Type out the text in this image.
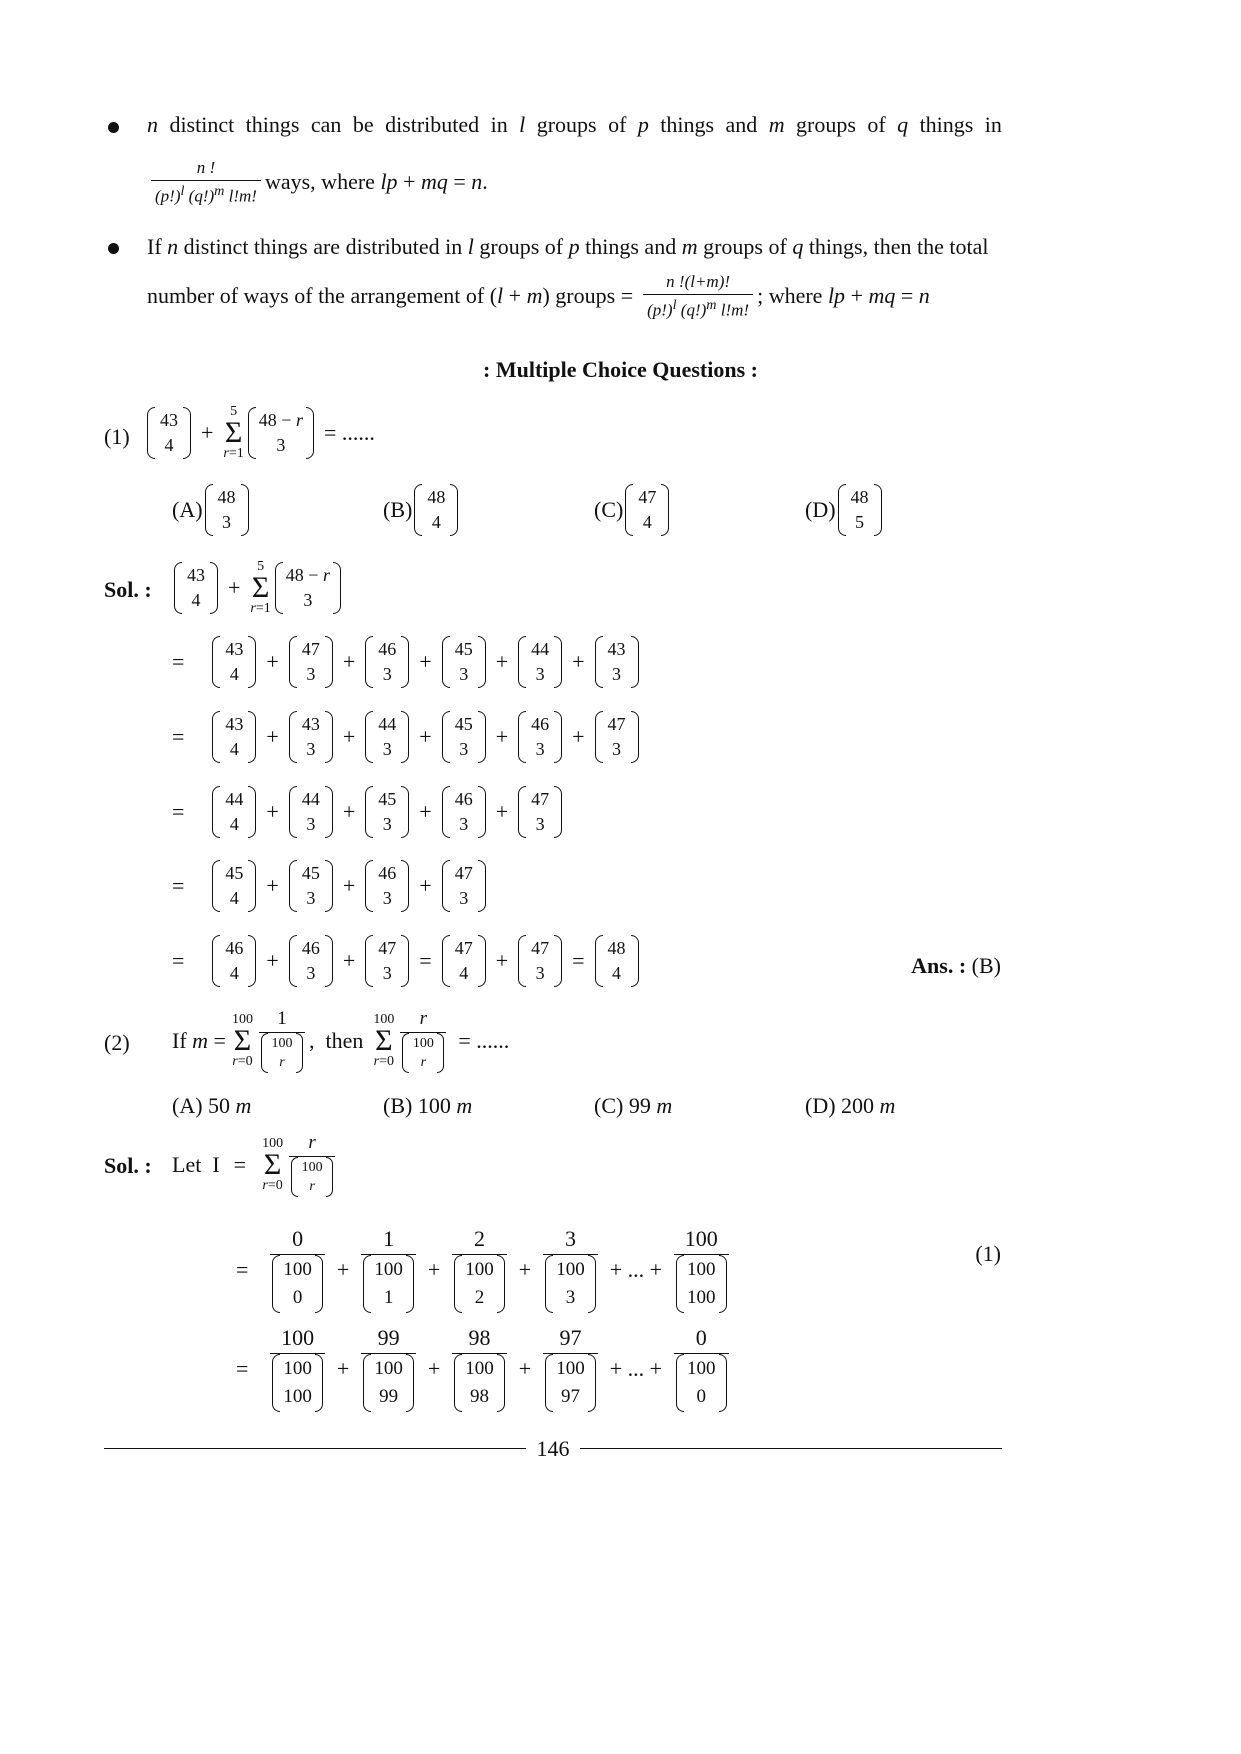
n distinct things can be distributed in l groups of p things and m groups of q things in
$\frac{n !}{(p!)^l (q!)^m l!m!}$ ways, where lp + mq = n.
If n distinct things are distributed in l groups of p things and m groups of q things, then the total
number of ways of the arrangement of (l + m) groups = $\frac{n !(l+m)!}{(p!)^l (q!)^m l!m!}$ ; where lp + mq = n
: Multiple Choice Questions :
(1)
43
4 +
5
Σ
r=1
48 − r
3 = ......
(A) 48
3	(B) 48
4	(C) 47
4	(D) 48
5
Sol. :
43
4 +
5
Σ
r=1
48 − r
3
= 43
4 + 47
3 + 46
3 + 45
3 + 44
3 + 43
3
= 43
4 + 43
3 + 44
3 + 45
3 + 46
3 + 47
3
= 44
4 + 44
3 + 45
3 + 46
3 + 47
3
= 45
4 + 45
3 + 46
3 + 47
3
= 46
4 + 46
3 + 47
3 = 47
4 + 47
3 = 48
4	Ans. : (B)
(2) If m =
100
Σ
r=0 1
100
r , then
100
Σ
r=0 r
100
r = ......
(A) 50 m	(B) 100 m	(C) 99 m	(D) 200 m
Sol. : Let  I =
100
Σ
r=0 r
100
r
= 0
100
0 + 1
100
1 + 2
100
2 + 3
100
3 + ... + 100
100
100	(1)
= 100
100
100 + 99
100
99 + 98
100
98 + 97
100
97 + ... + 0
100
0
146
